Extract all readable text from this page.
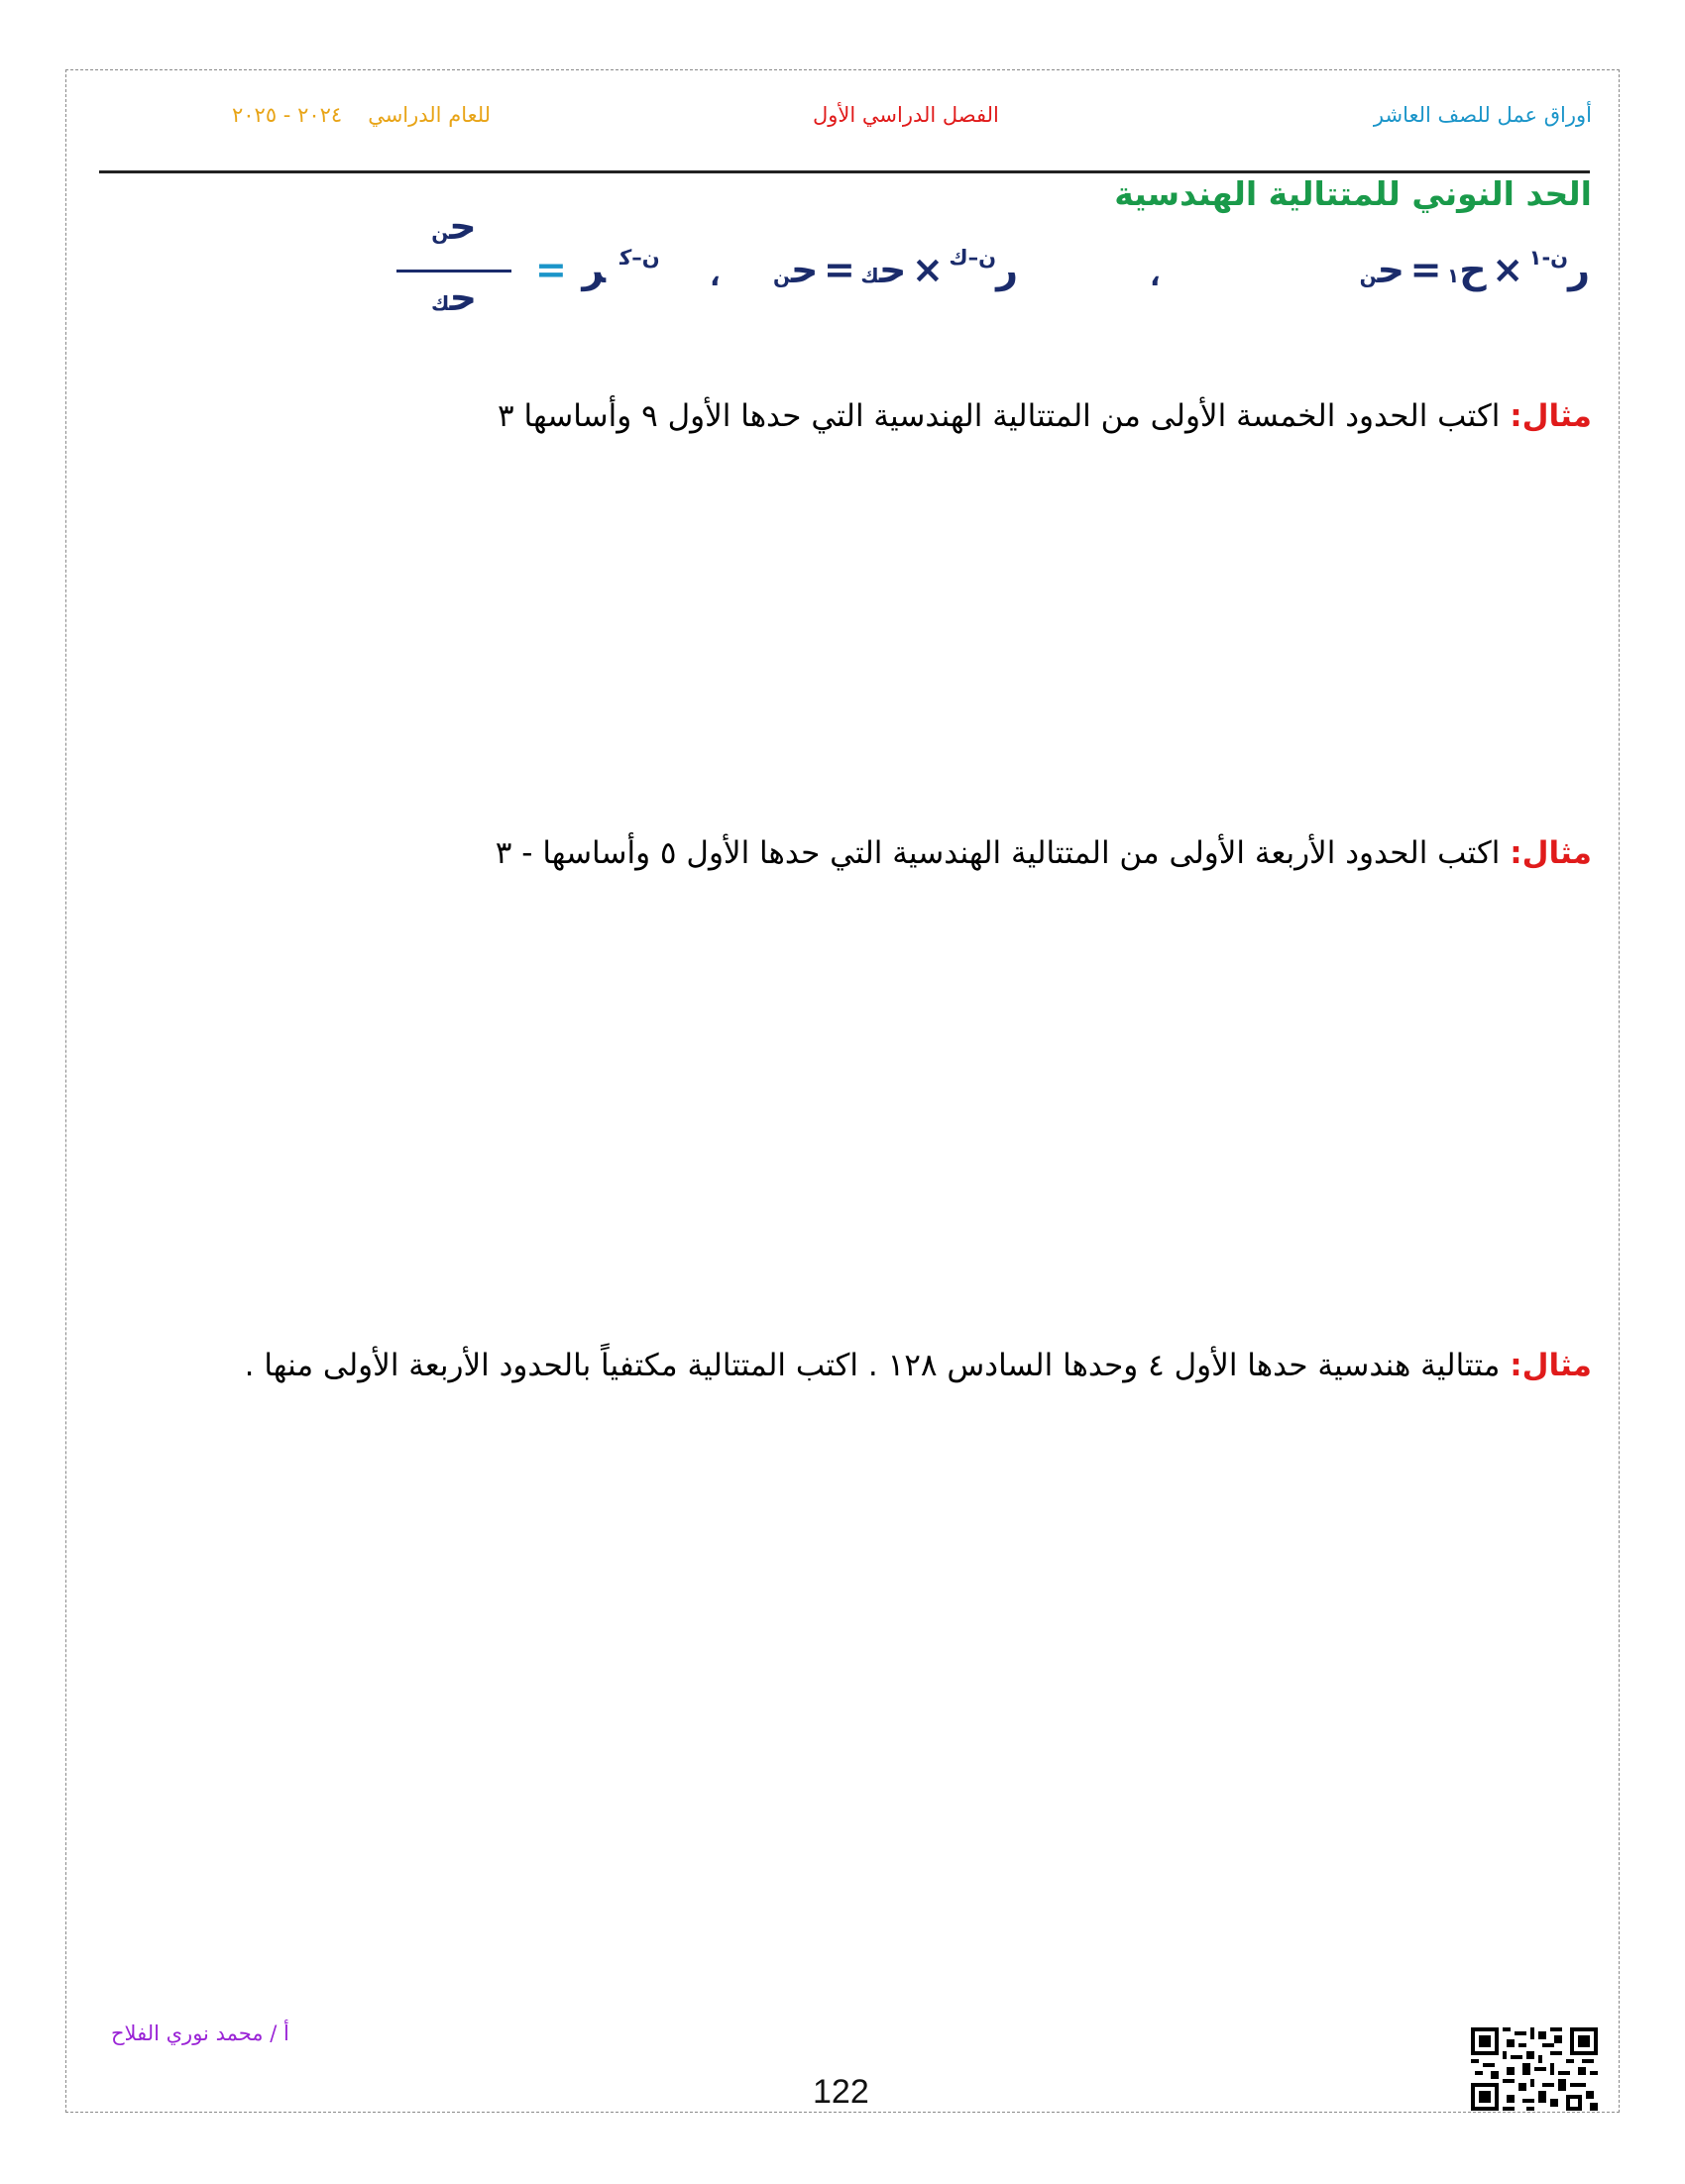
أوراق عمل للصف العاشر
الفصل الدراسي الأول
للعام الدراسي٢٠٢٤ - ٢٠٢٥
الحد النوني للمتتالية الهندسية
رن-١ × ح١ = حن
،
رن–ك × حك = حن
،
=	ن–كر
حن
حك
مثال: اكتب الحدود الخمسة الأولى من المتتالية الهندسية التي حدها الأول ٩ وأساسها ٣
مثال: اكتب الحدود الأربعة الأولى من المتتالية الهندسية التي حدها الأول ٥ وأساسها - ٣
مثال: متتالية هندسية حدها الأول ٤ وحدها السادس ١٢٨ . اكتب المتتالية مكتفياً بالحدود الأربعة الأولى منها .
أ / محمد نوري الفلاح
122
